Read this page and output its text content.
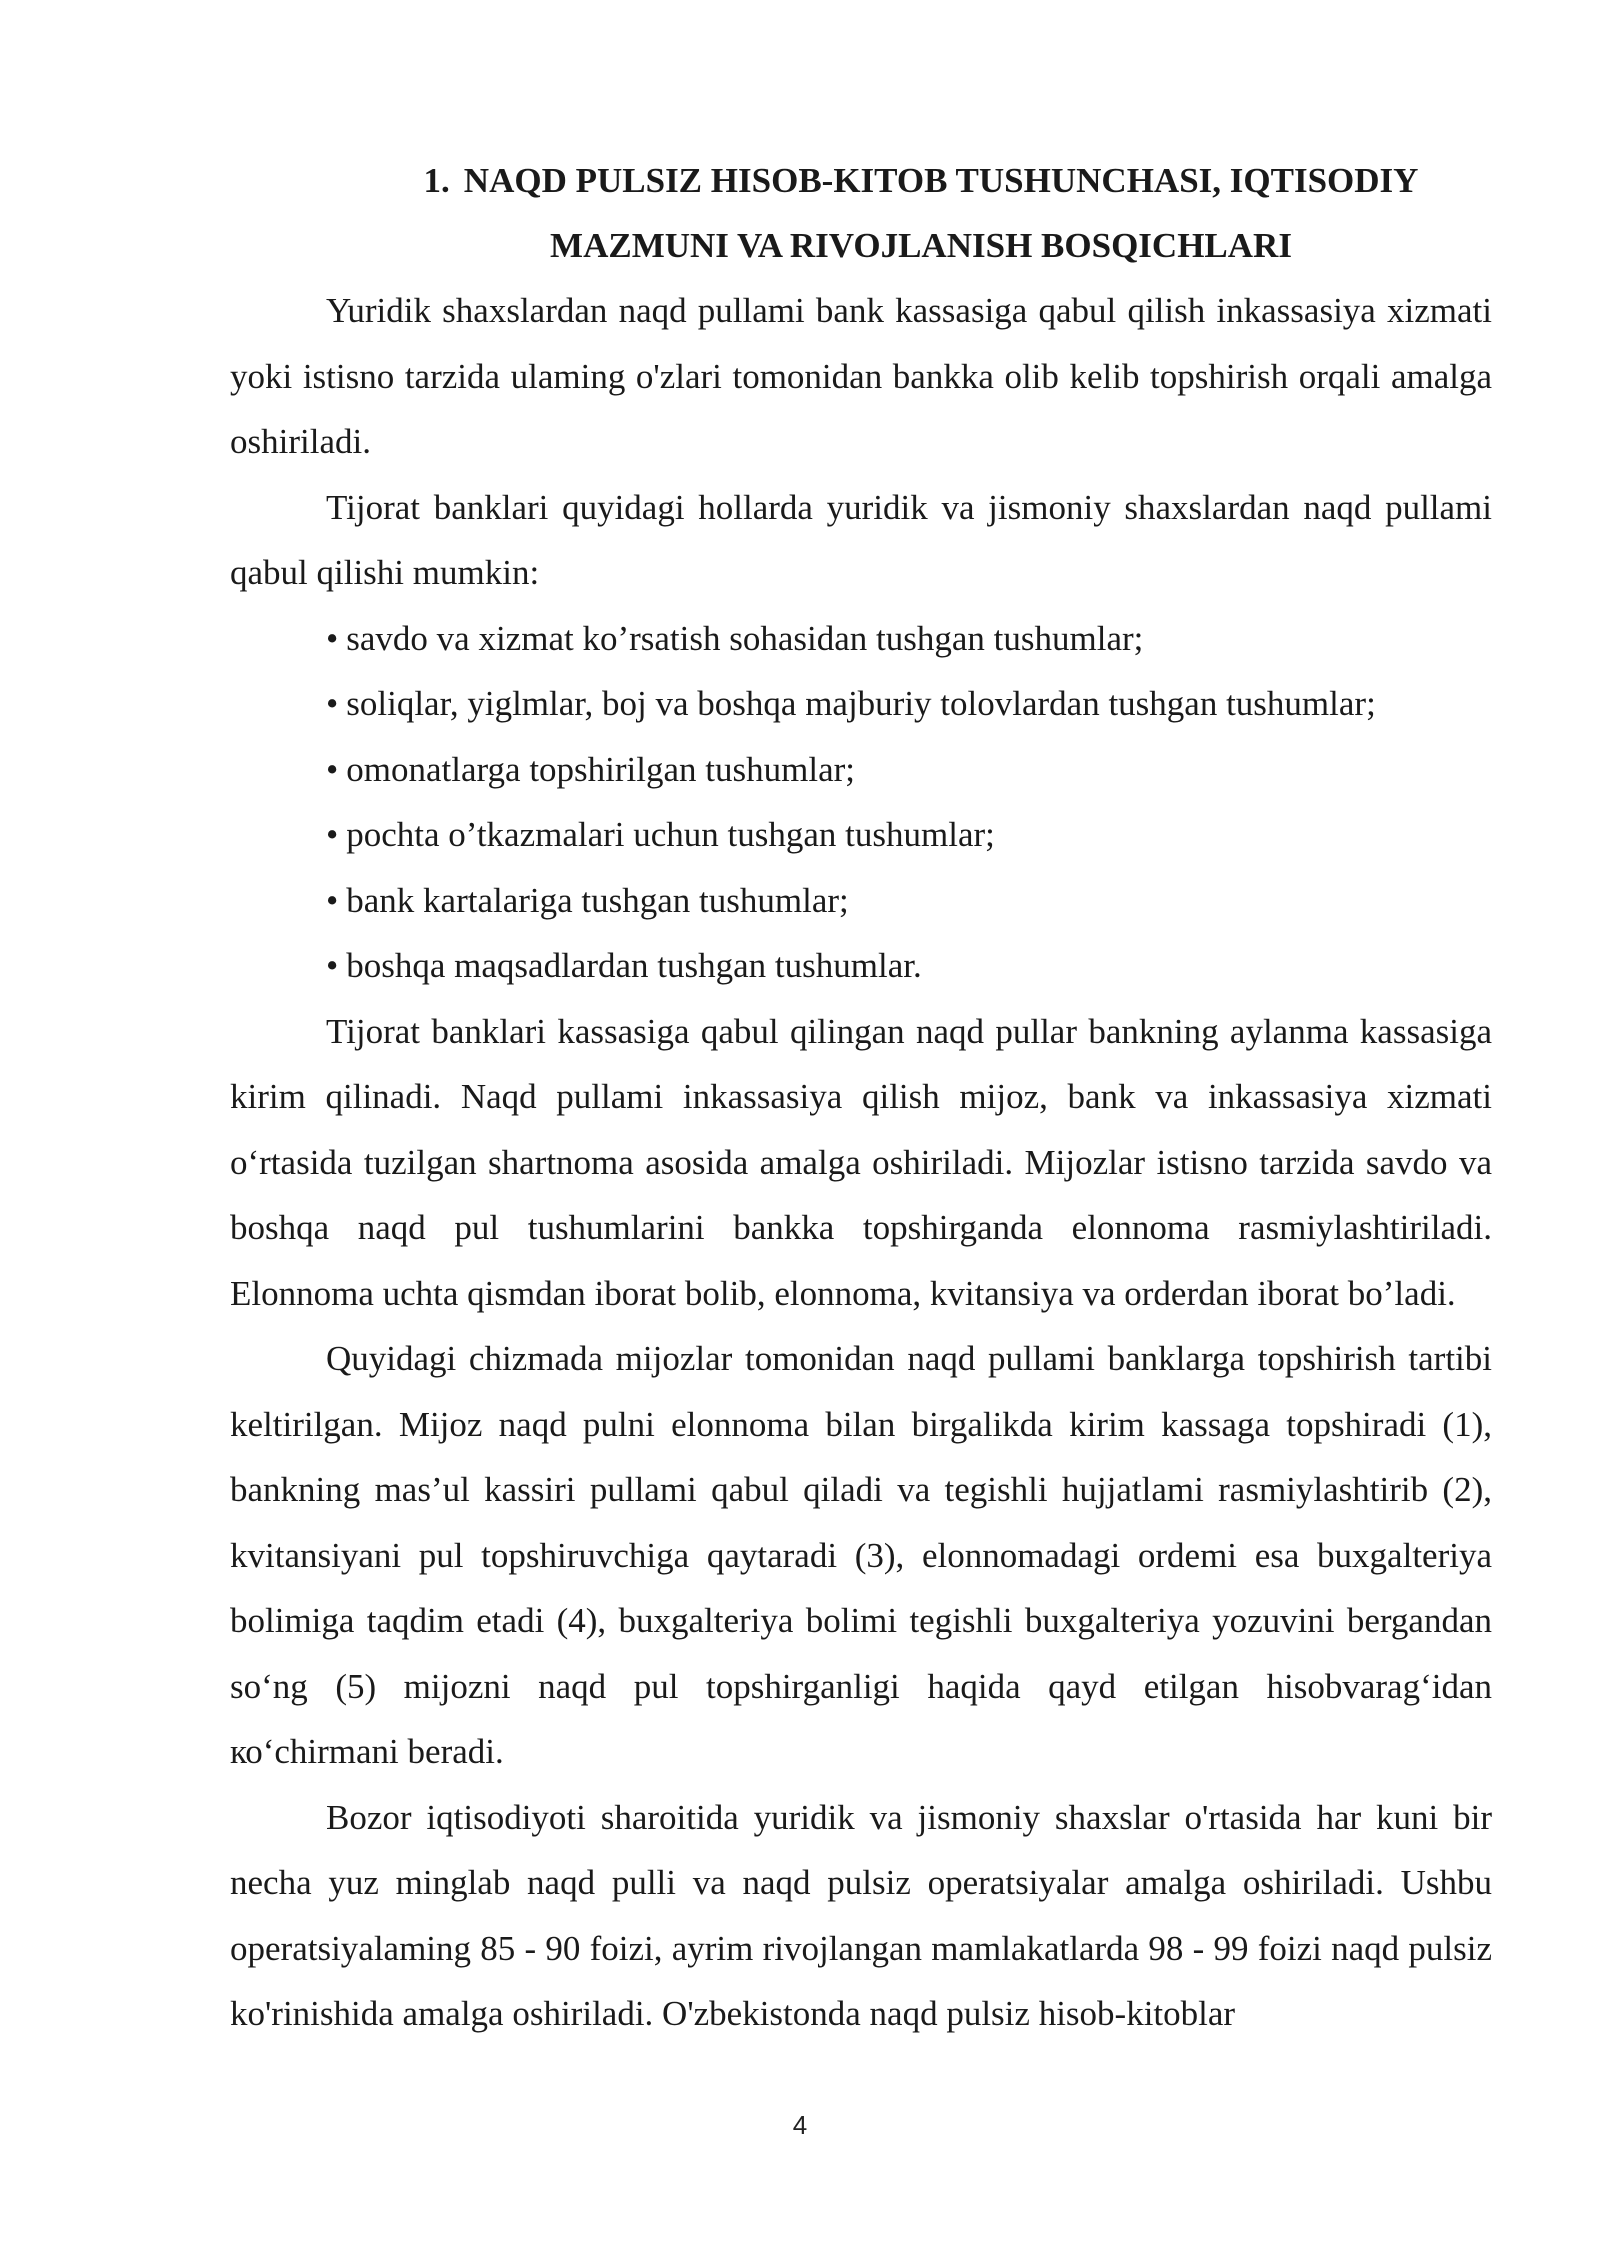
1. NAQD PULSIZ HISOB-KITOB TUSHUNCHASI, IQTISODIY
MAZMUNI VA RIVOJLANISH BOSQICHLARI

Yuridik shaxslardan naqd pullami bank kassasiga qabul qilish inkassasiya xizmati yoki istisno tarzida ulaming o'zlari tomonidan bankka olib kelib topshirish orqali amalga oshiriladi.

Tijorat banklari quyidagi hollarda yuridik va jismoniy shaxslardan naqd pullami qabul qilishi mumkin:

• savdo va xizmat ko’rsatish sohasidan tushgan tushumlar;
• soliqlar, yiglmlar, boj va boshqa majburiy tolovlardan tushgan tushumlar;
• omonatlarga topshirilgan tushumlar;
• pochta o’tkazmalari uchun tushgan tushumlar;
• bank kartalariga tushgan tushumlar;
• boshqa maqsadlardan tushgan tushumlar.

Tijorat banklari kassasiga qabul qilingan naqd pullar bankning aylanma kassasiga kirim qilinadi. Naqd pullami inkassasiya qilish mijoz, bank va inkassasiya xizmati o‘rtasida tuzilgan shartnoma asosida amalga oshiriladi. Mijozlar istisno tarzida savdo va boshqa naqd pul tushumlarini bankka topshirganda elonnoma rasmiylashtiriladi. Elonnoma uchta qismdan iborat bolib, elonnoma, kvitansiya va orderdan iborat bo’ladi.

Quyidagi chizmada mijozlar tomonidan naqd pullami banklarga topshirish tartibi keltirilgan. Mijoz naqd pulni elonnoma bilan birgalikda kirim kassaga topshiradi (1), bankning mas’ul kassiri pullami qabul qiladi va tegishli hujjatlami rasmiylashtirib (2), kvitansiyani pul topshiruvchiga qaytaradi (3), elonnomadagi ordemi esa buxgalteriya bolimiga taqdim etadi (4), buxgalteriya bolimi tegishli buxgalteriya yozuvini bergandan so‘ng (5) mijozni naqd pul topshirganligi haqida qayd etilgan hisobvarag‘idan ко‘chirmani beradi.

Bozor iqtisodiyoti sharoitida yuridik va jismoniy shaxslar o'rtasida har kuni bir necha yuz minglab naqd pulli va naqd pulsiz operatsiyalar amalga oshiriladi. Ushbu operatsiyalaming 85 - 90 foizi, ayrim rivojlangan mamlakatlarda 98 - 99 foizi naqd pulsiz ko'rinishida amalga oshiriladi. O'zbekistonda naqd pulsiz hisob-kitoblar

4
